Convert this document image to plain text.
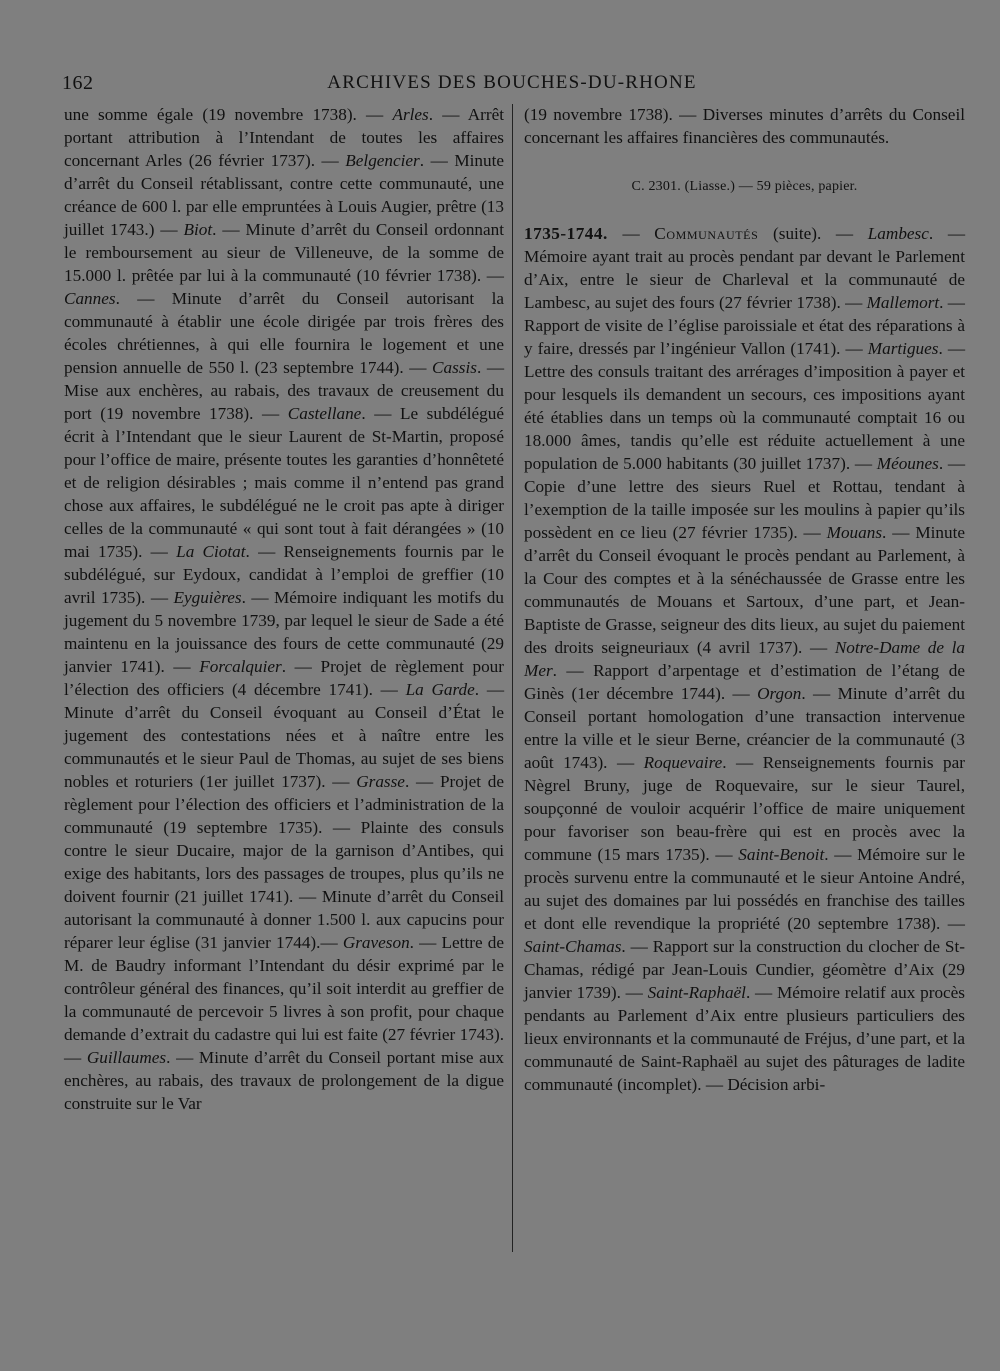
162	ARCHIVES DES BOUCHES-DU-RHONE

une somme égale (19 novembre 1738). — Arles. — Arrêt portant attribution à l’Intendant de toutes les affaires concernant Arles (26 février 1737). — Belgencier. — Minute d’arrêt du Conseil rétablissant, contre cette communauté, une créance de 600 l. par elle empruntées à Louis Augier, prêtre (13 juillet 1743.) — Biot. — Minute d’arrêt du Conseil ordonnant le remboursement au sieur de Villeneuve, de la somme de 15.000 l. prêtée par lui à la communauté (10 février 1738). — Cannes. — Minute d’arrêt du Conseil autorisant la communauté à établir une école dirigée par trois frères des écoles chrétiennes, à qui elle fournira le logement et une pension annuelle de 550 l. (23 septembre 1744). — Cassis. — Mise aux enchères, au rabais, des travaux de creusement du port (19 novembre 1738). — Castellane. — Le subdélégué écrit à l’Intendant que le sieur Laurent de St-Martin, proposé pour l’office de maire, présente toutes les garanties d’honnêteté et de religion désirables ; mais comme il n’entend pas grand chose aux affaires, le subdélégué ne le croit pas apte à diriger celles de la communauté « qui sont tout à fait dérangées » (10 mai 1735). — La Ciotat. — Renseignements fournis par le subdélégué, sur Eydoux, candidat à l’emploi de greffier (10 avril 1735). — Eyguières. — Mémoire indiquant les motifs du jugement du 5 novembre 1739, par lequel le sieur de Sade a été maintenu en la jouissance des fours de cette communauté (29 janvier 1741). — Forcalquier. — Projet de règlement pour l’élection des officiers (4 décembre 1741). — La Garde. — Minute d’arrêt du Conseil évoquant au Conseil d’État le jugement des contestations nées et à naître entre les communautés et le sieur Paul de Thomas, au sujet de ses biens nobles et roturiers (1er juillet 1737). — Grasse. — Projet de règlement pour l’élection des officiers et l’administration de la communauté (19 septembre 1735). — Plainte des consuls contre le sieur Ducaire, major de la garnison d’Antibes, qui exige des habitants, lors des passages de troupes, plus qu’ils ne doivent fournir (21 juillet 1741). — Minute d’arrêt du Conseil autorisant la communauté à donner 1.500 l. aux capucins pour réparer leur église (31 janvier 1744).— Graveson. — Lettre de M. de Baudry informant l’Intendant du désir exprimé par le contrôleur général des finances, qu’il soit interdit au greffier de la communauté de percevoir 5 livres à son profit, pour chaque demande d’extrait du cadastre qui lui est faite (27 février 1743). — Guillaumes. — Minute d’arrêt du Conseil portant mise aux enchères, au rabais, des travaux de prolongement de la digue construite sur le Var

(19 novembre 1738). — Diverses minutes d’arrêts du Conseil concernant les affaires financières des communautés.

C. 2301. (Liasse.) — 59 pièces, papier.

1735-1744. — Communautés (suite). — Lambesc. — Mémoire ayant trait au procès pendant par devant le Parlement d’Aix, entre le sieur de Charleval et la communauté de Lambesc, au sujet des fours (27 février 1738). — Mallemort. — Rapport de visite de l’église paroissiale et état des réparations à y faire, dressés par l’ingénieur Vallon (1741). — Martigues. — Lettre des consuls traitant des arrérages d’imposition à payer et pour lesquels ils demandent un secours, ces impositions ayant été établies dans un temps où la communauté comptait 16 ou 18.000 âmes, tandis qu’elle est réduite actuellement à une population de 5.000 habitants (30 juillet 1737). — Méounes. — Copie d’une lettre des sieurs Ruel et Rottau, tendant à l’exemption de la taille imposée sur les moulins à papier qu’ils possèdent en ce lieu (27 février 1735). — Mouans. — Minute d’arrêt du Conseil évoquant le procès pendant au Parlement, à la Cour des comptes et à la sénéchaussée de Grasse entre les communautés de Mouans et Sartoux, d’une part, et Jean-Baptiste de Grasse, seigneur des dits lieux, au sujet du paiement des droits seigneuriaux (4 avril 1737). — Notre-Dame de la Mer. — Rapport d’arpentage et d’estimation de l’étang de Ginès (1er décembre 1744). — Orgon. — Minute d’arrêt du Conseil portant homologation d’une transaction intervenue entre la ville et le sieur Berne, créancier de la communauté (3 août 1743). — Roquevaire. — Renseignements fournis par Nègrel Bruny, juge de Roquevaire, sur le sieur Taurel, soupçonné de vouloir acquérir l’office de maire uniquement pour favoriser son beau-frère qui est en procès avec la commune (15 mars 1735). — Saint-Benoit. — Mémoire sur le procès survenu entre la communauté et le sieur Antoine André, au sujet des domaines par lui possédés en franchise des tailles et dont elle revendique la propriété (20 septembre 1738). — Saint-Chamas. — Rapport sur la construction du clocher de St-Chamas, rédigé par Jean-Louis Cundier, géomètre d’Aix (29 janvier 1739). — Saint-Raphaël. — Mémoire relatif aux procès pendants au Parlement d’Aix entre plusieurs particuliers des lieux environnants et la communauté de Fréjus, d’une part, et la communauté de Saint-Raphaël au sujet des pâturages de ladite communauté (incomplet). — Décision arbi-
